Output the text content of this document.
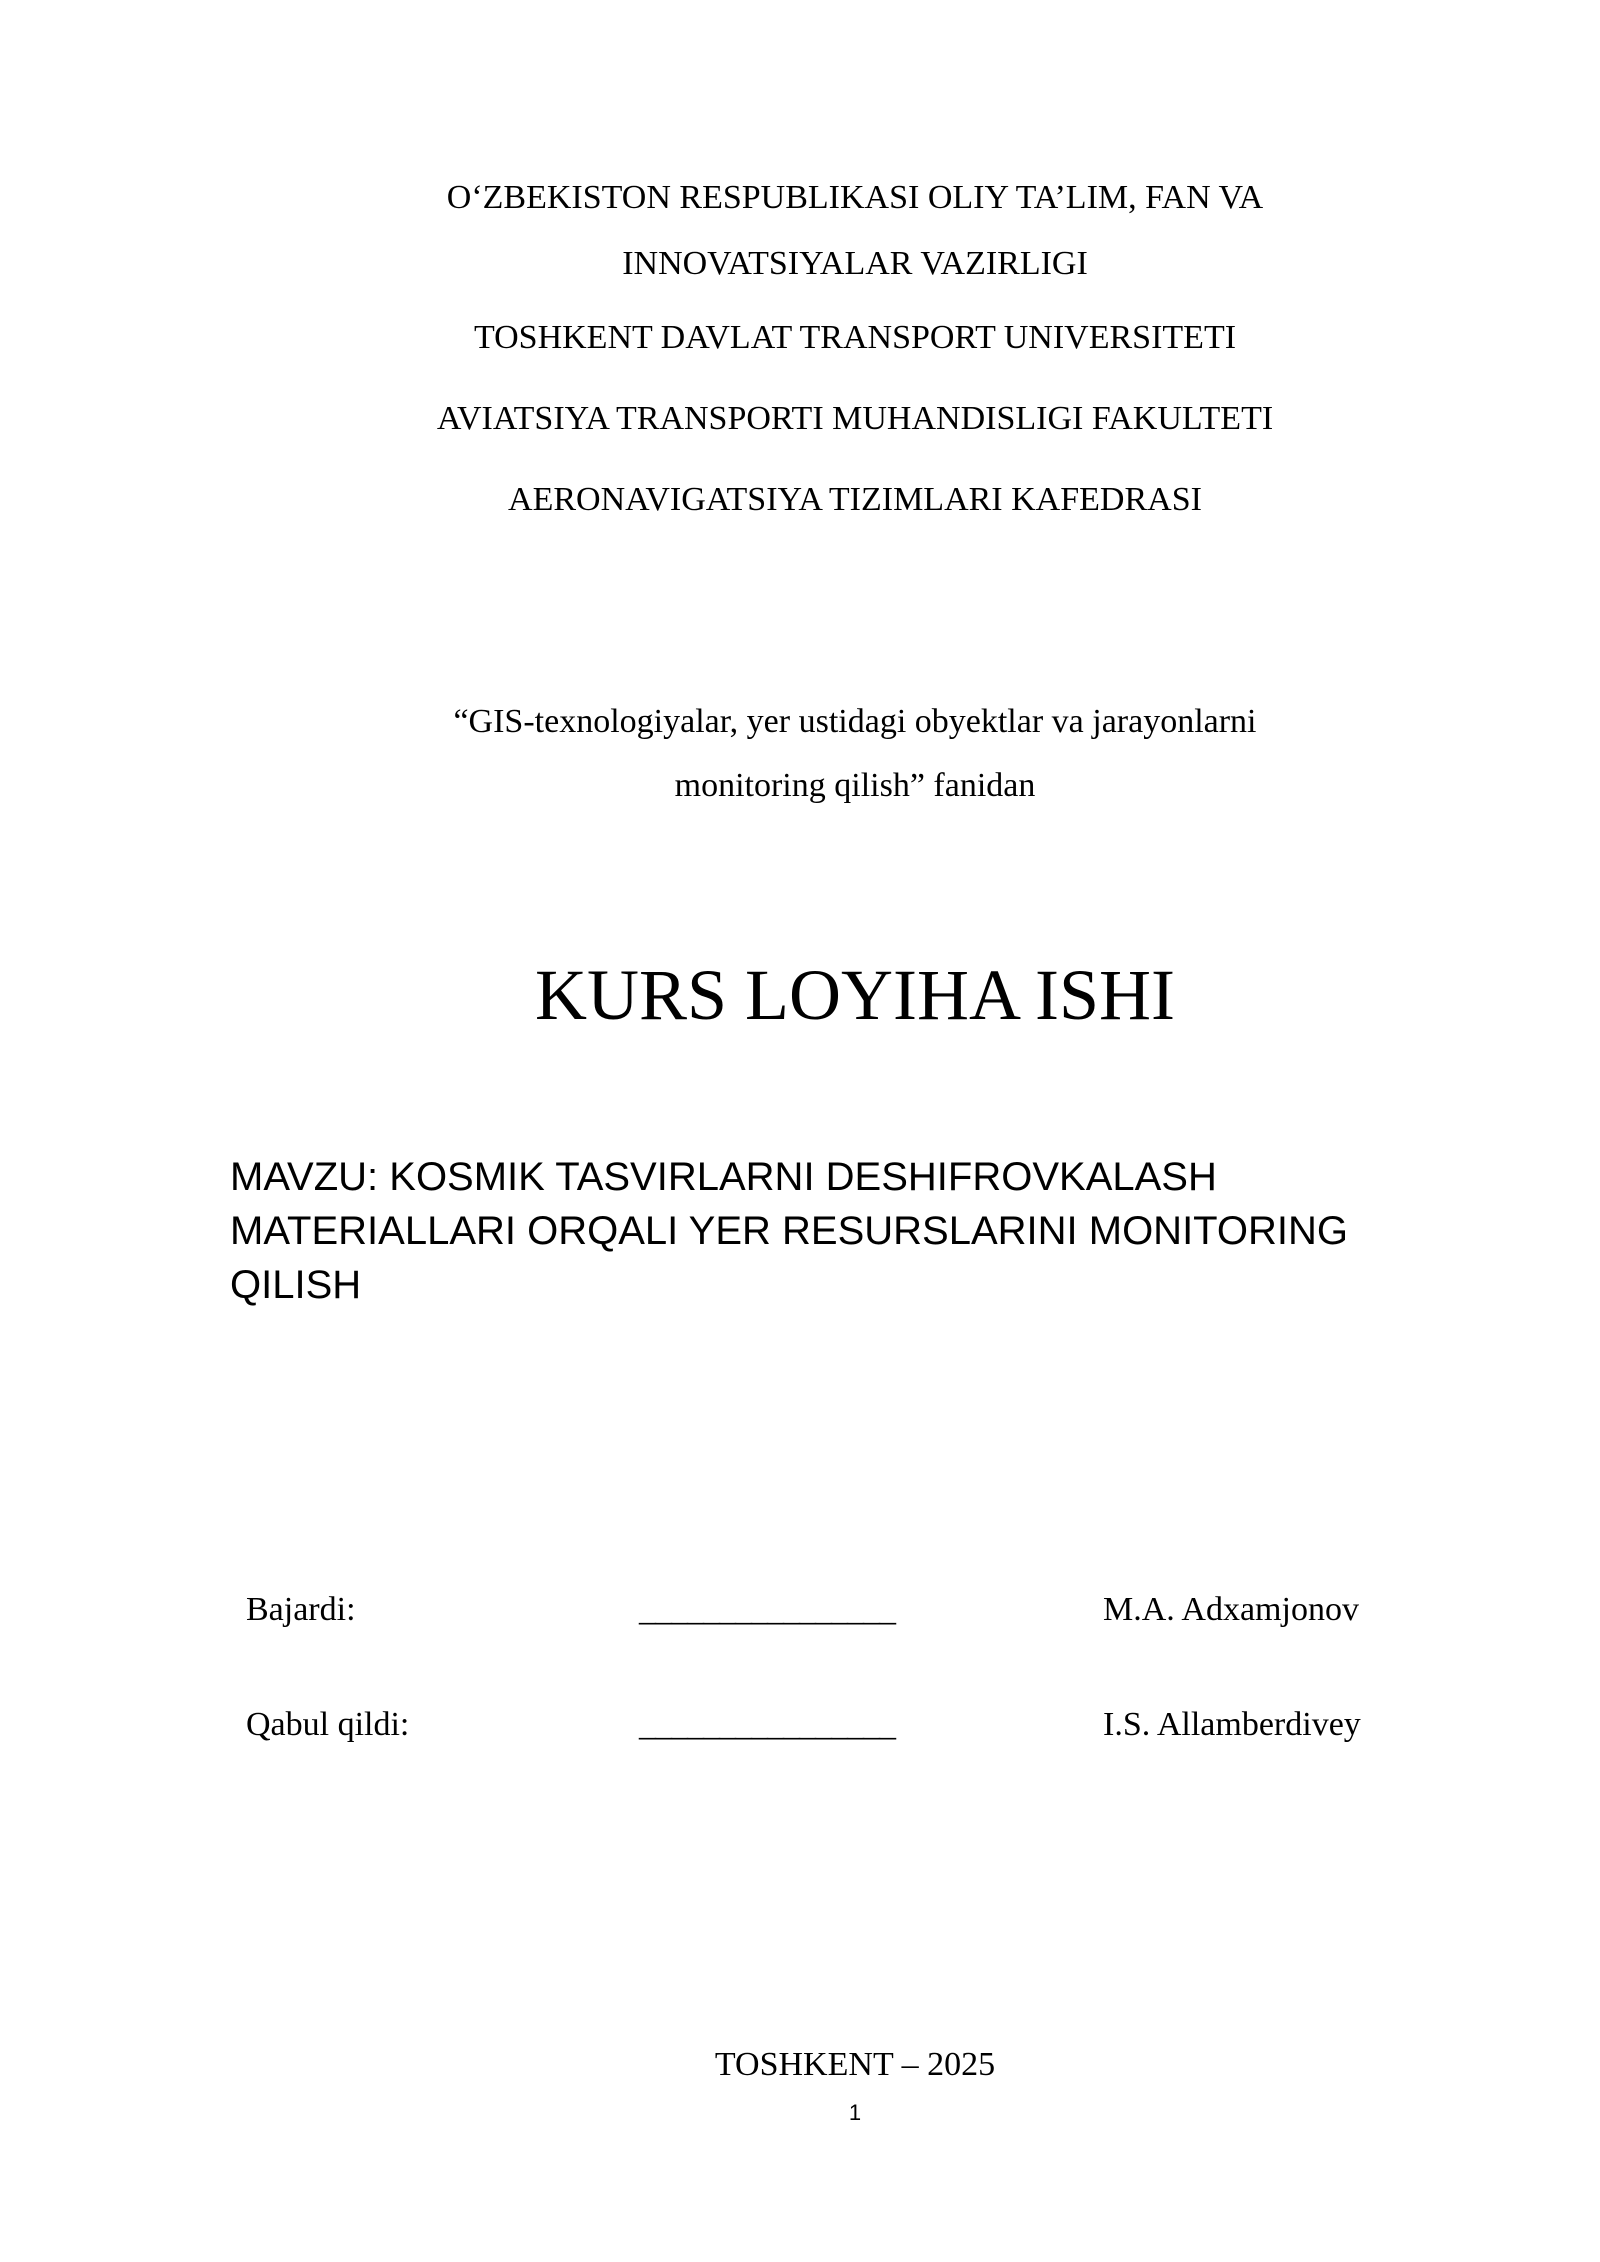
O‘ZBEKISTON RESPUBLIKASI OLIY TA’LIM, FAN VA
INNOVATSIYALAR VAZIRLIGI
TOSHKENT DAVLAT TRANSPORT UNIVERSITETI
AVIATSIYA TRANSPORTI MUHANDISLIGI FAKULTETI
AERONAVIGATSIYA TIZIMLARI KAFEDRASI
“GIS-texnologiyalar, yer ustidagi obyektlar va jarayonlarni
monitoring qilish” fanidan
KURS LOYIHA ISHI
MAVZU: KOSMIK TASVIRLARNI DESHIFROVKALASH
MATERIALLARI ORQALI YER RESURSLARINI MONITORING
QILISH
Bajardi:	________________	M.A. Adxamjonov
Qabul qildi:	________________	I.S. Allamberdivey
TOSHKENT – 2025
1
